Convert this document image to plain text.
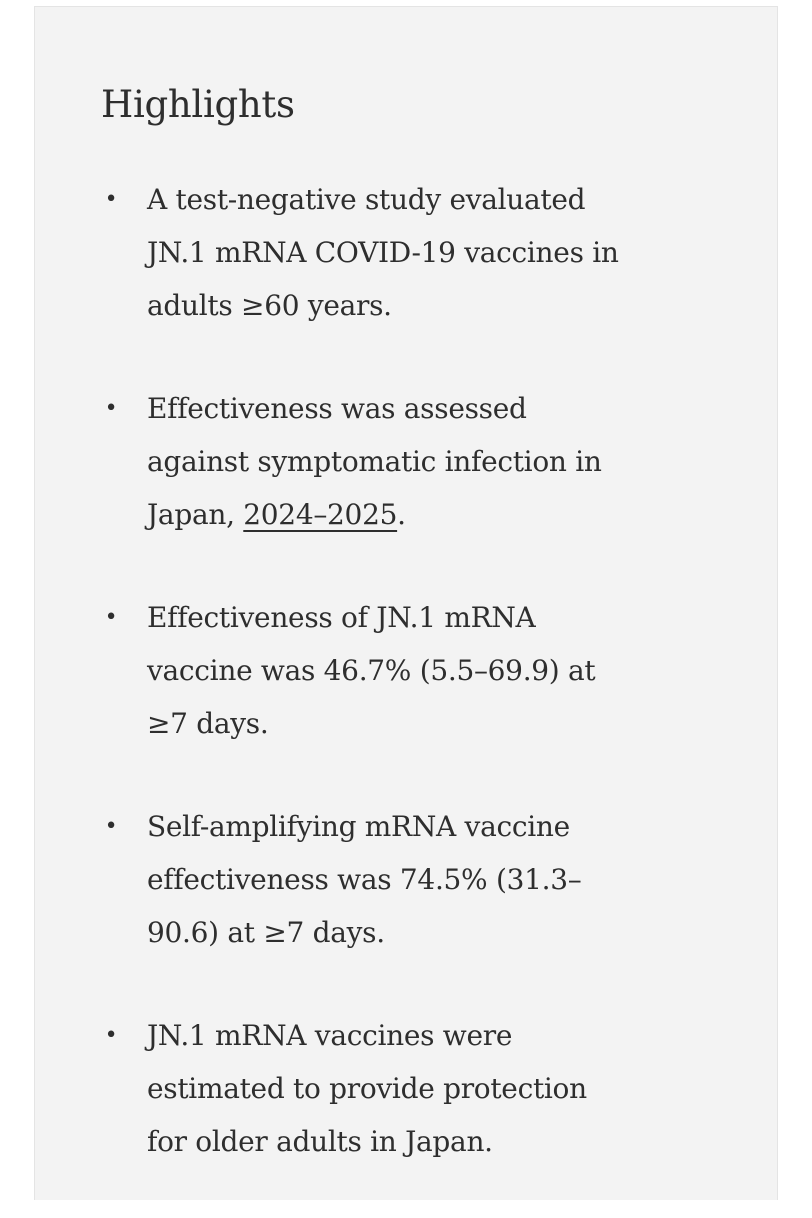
Highlights
• A test-negative study evaluated
JN.1 mRNA COVID-19 vaccines in
adults ≥60 years.
• Effectiveness was assessed
against symptomatic infection in
Japan, 2024–2025.
• Effectiveness of JN.1 mRNA
vaccine was 46.7% (5.5–69.9) at
≥7 days.
• Self-amplifying mRNA vaccine
effectiveness was 74.5% (31.3–
90.6) at ≥7 days.
• JN.1 mRNA vaccines were
estimated to provide protection
for older adults in Japan.
